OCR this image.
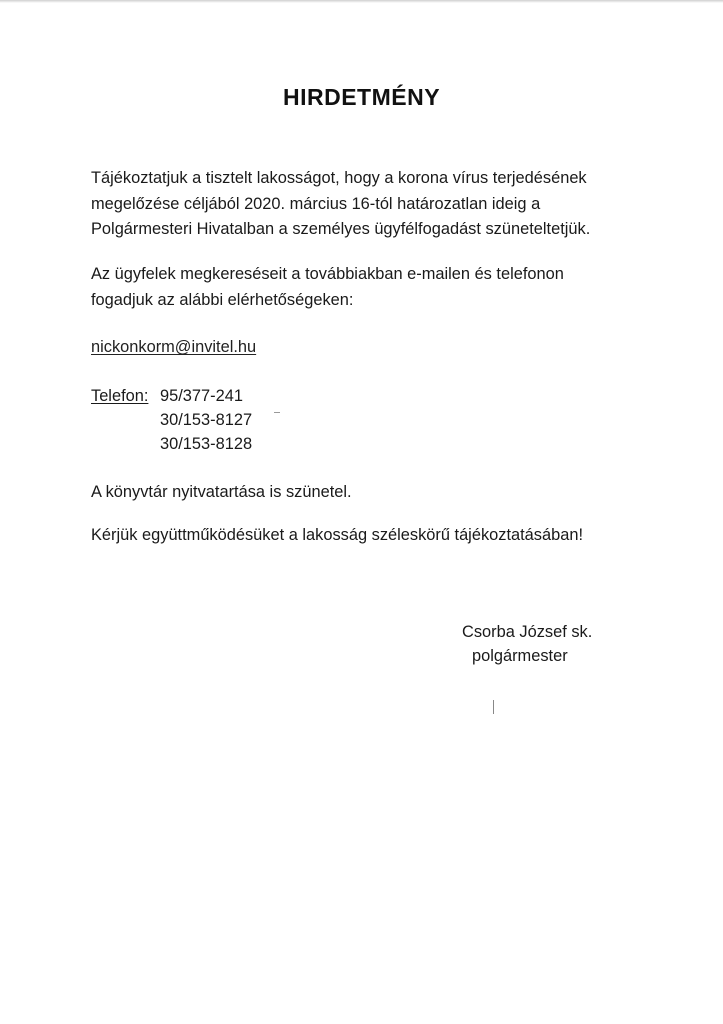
HIRDETMÉNY

Tájékoztatjuk a tisztelt lakosságot, hogy a korona vírus terjedésének
megelőzése céljából 2020. március 16-tól határozatlan ideig a
Polgármesteri Hivatalban a személyes ügyfélfogadást szüneteltetjük.

Az ügyfelek megkereséseit a továbbiakban e-mailen és telefonon
fogadjuk az alábbi elérhetőségeken:

nickonkorm@invitel.hu
Telefon: 95/377-241
30/153-8127
30/153-8128

A könyvtár nyitvatartása is szünetel.

Kérjük együttműködésüket a lakosság széleskörű tájékoztatásában!

Csorba József sk.
polgármester
